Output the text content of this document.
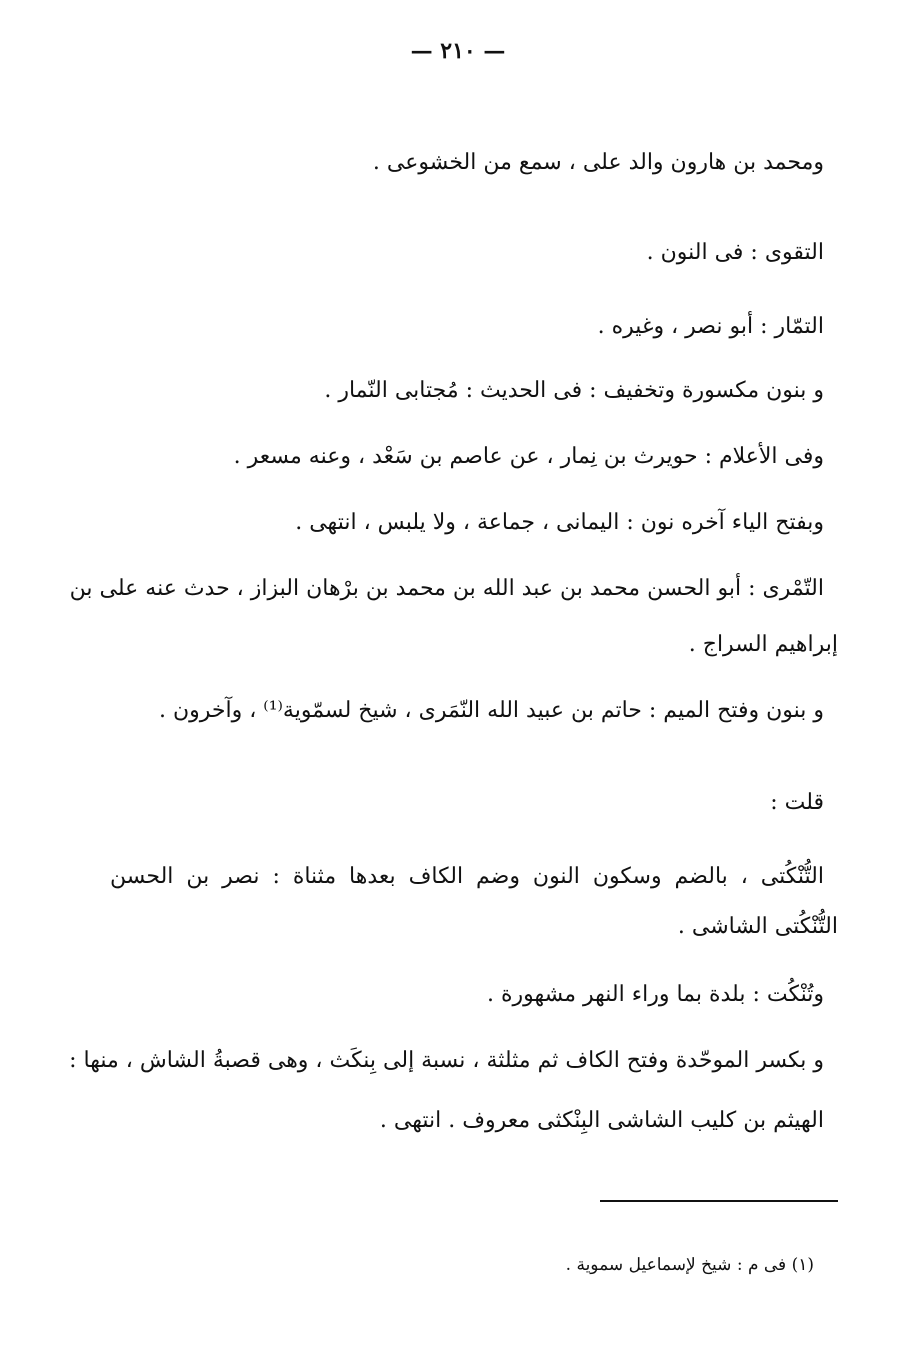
— ٢١٠ —
ومحمد بن هارون والد على ، سمع من الخشوعى .
التقوى : فى النون .
التمّار : أبو نصر ، وغيره .
و بنون مكسورة وتخفيف : فى الحديث : مُجتابى النّمار .
وفى الأعلام : حويرث بن نِمار ، عن عاصم بن سَعْد ، وعنه مسعر .
وبفتح الياء آخره نون : اليمانى ، جماعة ، ولا يلبس ، انتهى .
التّمْرى : أبو الحسن محمد بن عبد الله بن محمد بن برْهان البزاز ، حدث عنه على بن
إبراهيم السراج .
و بنون وفتح الميم : حاتم بن عبيد الله النّمَرى ، شيخ لسمّوية⁽¹⁾ ، وآخرون .
قلت :
التُّنْكُتى ، بالضم وسكون النون وضم الكاف بعدها مثناة : نصر بن الحسن
التُّنْكُتى الشاشى .
وتُنْكُت : بلدة بما وراء النهر مشهورة .
و بكسر الموحّدة وفتح الكاف ثم مثلثة ، نسبة إلى بِنكَث ، وهى قصبةُ الشاش ، منها :
الهيثم بن كليب الشاشى البِنْكثى معروف . انتهى .
(١) فى م : شيخ لإسماعيل سموية .
